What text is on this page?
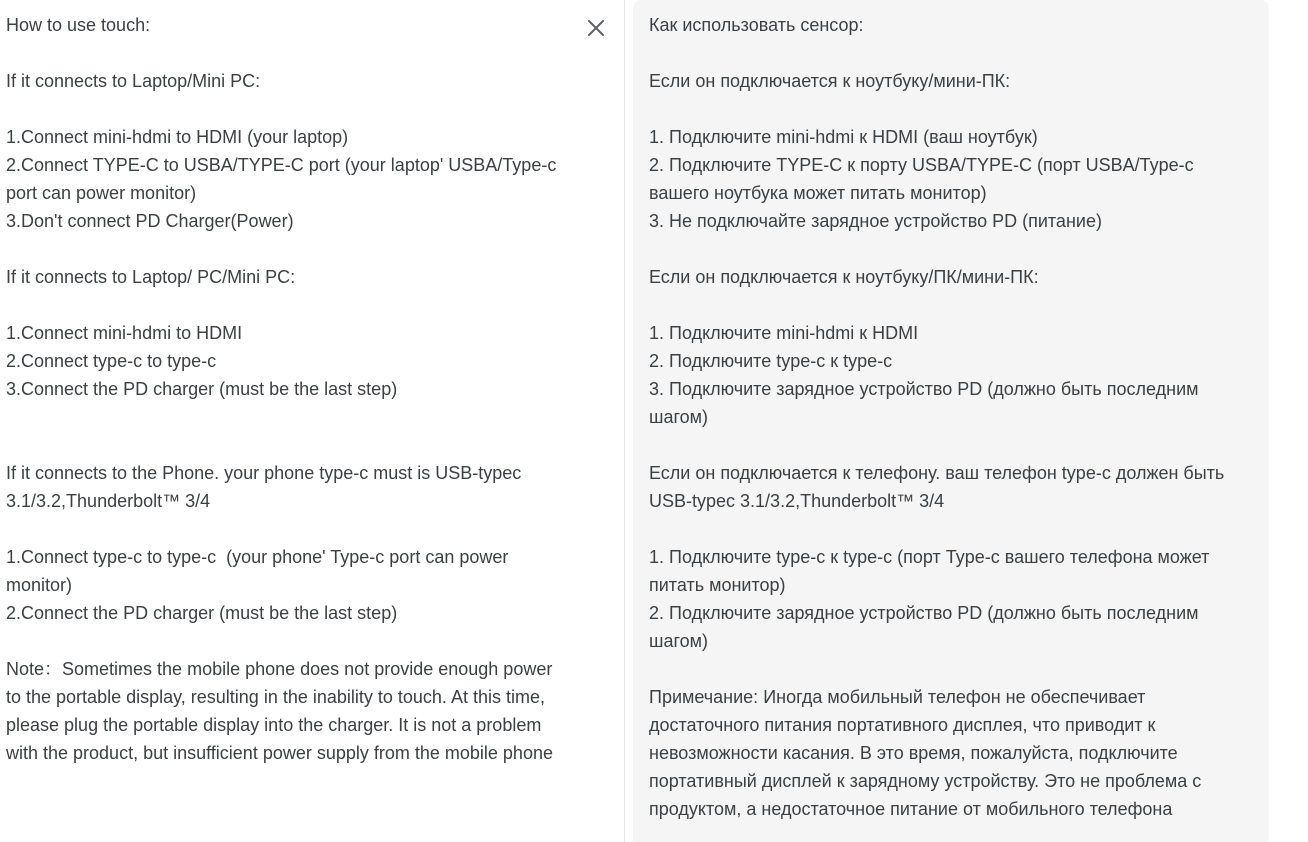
How to use touch:

If it connects to Laptop/Mini PC:

1.Connect mini-hdmi to HDMI (your laptop)
2.Connect TYPE-C to USBA/TYPE-C port (your laptop' USBA/Type-c port can power monitor)
3.Don't connect PD Charger(Power)

If it connects to Laptop/ PC/Mini PC:

1.Connect mini-hdmi to HDMI
2.Connect type-c to type-c
3.Connect the PD charger (must be the last step)

If it connects to the Phone. your phone type-c must is USB-typec 3.1/3.2,Thunderbolt™ 3/4

1.Connect type-c to type-c  (your phone' Type-c port can power monitor)
2.Connect the PD charger (must be the last step)

Note：Sometimes the mobile phone does not provide enough power to the portable display, resulting in the inability to touch. At this time, please plug the portable display into the charger. It is not a problem with the product, but insufficient power supply from the mobile phone

Как использовать сенсор:

Если он подключается к ноутбуку/мини-ПК:

1. Подключите mini-hdmi к HDMI (ваш ноутбук)
2. Подключите TYPE-C к порту USBA/TYPE-C (порт USBA/Type-c вашего ноутбука может питать монитор)
3. Не подключайте зарядное устройство PD (питание)

Если он подключается к ноутбуку/ПК/мини-ПК:

1. Подключите mini-hdmi к HDMI
2. Подключите type-c к type-c
3. Подключите зарядное устройство PD (должно быть последним шагом)

Если он подключается к телефону. ваш телефон type-c должен быть USB-typec 3.1/3.2,Thunderbolt™ 3/4

1. Подключите type-c к type-c (порт Type-c вашего телефона может питать монитор)
2. Подключите зарядное устройство PD (должно быть последним шагом)

Примечание: Иногда мобильный телефон не обеспечивает достаточного питания портативного дисплея, что приводит к невозможности касания. В это время, пожалуйста, подключите портативный дисплей к зарядному устройству. Это не проблема с продуктом, а недостаточное питание от мобильного телефона
